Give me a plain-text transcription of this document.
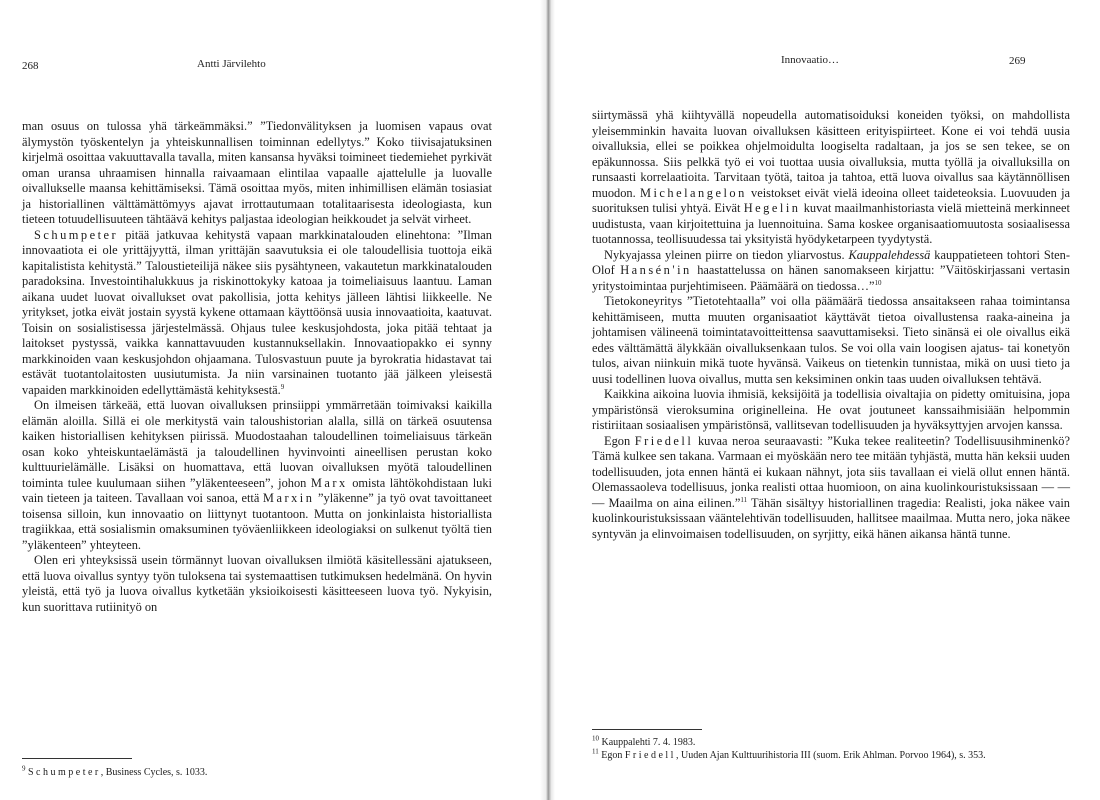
268	Antti Järvilehto

man osuus on tulossa yhä tärkeämmäksi.” ”Tiedonvälityksen ja luomisen vapaus ovat älymystön työskentelyn ja yhteiskunnallisen toiminnan edellytys.” Koko tiivisajatuksinen kirjelmä osoittaa vakuuttavalla tavalla, miten kansansa hyväksi toimineet tiedemiehet pyrkivät oman uransa uhraamisen hinnalla raivaamaan elintilaa vapaalle ajattelulle ja luovalle oivallukselle maansa kehittämiseksi. Tämä osoittaa myös, miten inhimillisen elämän tosiasiat ja historiallinen välttämättömyys ajavat irrottautumaan totalitaarisesta ideologiasta, kun tieteen totuudellisuuteen tähtäävä kehitys paljastaa ideologian heikkoudet ja selvät virheet.

Schumpeter pitää jatkuvaa kehitystä vapaan markkinatalouden elinehtona: ”Ilman innovaatiota ei ole yrittäjyyttä, ilman yrittäjän saavutuksia ei ole taloudellisia tuottoja eikä kapitalistista kehitystä.” Taloustieteilijä näkee siis pysähtyneen, vakautetun markkinatalouden paradoksina. Investointihalukkuus ja riskinottokyky katoaa ja toimeliaisuus laantuu. Laman aikana uudet luovat oivallukset ovat pakollisia, jotta kehitys jälleen lähtisi liikkeelle. Ne yritykset, jotka eivät jostain syystä kykene ottamaan käyttöönsä uusia innovaatioita, kaatuvat. Toisin on sosialistisessa järjestelmässä. Ohjaus tulee keskusjohdosta, joka pitää tehtaat ja laitokset pystyssä, vaikka kannattavuuden kustannuksellakin. Innovaatiopakko ei synny markkinoiden vaan keskusjohdon ohjaamana. Tulosvastuun puute ja byrokratia hidastavat tai estävät tuotantolaitosten uusiutumista. Ja niin varsinainen tuotanto jää jälkeen yleisestä vapaiden markkinoiden edellyttämästä kehityksestä.$^9$

On ilmeisen tärkeää, että luovan oivalluksen prinsiippi ymmärretään toimivaksi kaikilla elämän aloilla. Sillä ei ole merkitystä vain taloushistorian alalla, sillä on tärkeä osuutensa kaiken historiallisen kehityksen piirissä. Muodostaahan taloudellinen toimeliaisuus tärkeän osan koko yhteiskuntaelämästä ja taloudellinen hyvinvointi aineellisen perustan koko kulttuurielämälle. Lisäksi on huomattava, että luovan oivalluksen myötä taloudellinen toiminta tulee kuulumaan siihen ”yläkenteeseen”, johon Marx omista lähtökohdistaan luki vain tieteen ja taiteen. Tavallaan voi sanoa, että Marxin ”yläkenne” ja työ ovat tavoittaneet toisensa silloin, kun innovaatio on liittynyt tuotantoon. Mutta on jonkinlaista historiallista tragiikkaa, että sosialismin omaksuminen työväenliikkeen ideologiaksi on sulkenut työltä tien ”yläkenteen” yhteyteen.

Olen eri yhteyksissä usein törmännyt luovan oivalluksen ilmiötä käsitellessäni ajatukseen, että luova oivallus syntyy työn tuloksena tai systemaattisen tutkimuksen hedelmänä. On hyvin yleistä, että työ ja luova oivallus kytketään yksioikoisesti käsitteeseen luova työ. Nykyisin, kun suorittava rutiinityö on

$^9$ Schumpeter, Business Cycles, s. 1033.

Innovaatio…	269

siirtymässä yhä kiihtyvällä nopeudella automatisoiduksi koneiden työksi, on mahdollista yleisemminkin havaita luovan oivalluksen käsitteen erityispiirteet. Kone ei voi tehdä uusia oivalluksia, ellei se poikkea ohjelmoidulta loogiselta radaltaan, ja jos se sen tekee, se on epäkunnossa. Siis pelkkä työ ei voi tuottaa uusia oivalluksia, mutta työllä ja oivalluksilla on runsaasti korrelaatioita. Tarvitaan työtä, taitoa ja tahtoa, että luova oivallus saa käytännöllisen muodon. Michelangelon veistokset eivät vielä ideoina olleet taideteoksia. Luovuuden ja suorituksen tulisi yhtyä. Eivät Hegelin kuvat maailmanhistoriasta vielä mietteinä merkinneet uudistusta, vaan kirjoitettuina ja luennoituina. Sama koskee organisaatiomuutosta sosiaalisessa tuotannossa, teollisuudessa tai yksityistä hyödyketarpeen tyydytystä.

Nykyajassa yleinen piirre on tiedon yliarvostus. Kauppalehdessä kauppatieteen tohtori Sten-Olof Hansén'in haastattelussa on hänen sanomakseen kirjattu: ”Väitöskirjassani vertasin yritystoimintaa purjehtimiseen. Päämäärä on tiedossa…”$^{10}$

Tietokoneyritys ”Tietotehtaalla” voi olla päämäärä tiedossa ansaitakseen rahaa toimintansa kehittämiseen, mutta muuten organisaatiot käyttävät tietoa oivallustensa raaka-aineina ja johtamisen välineenä toimintatavoitteittensa saavuttamiseksi. Tieto sinänsä ei ole oivallus eikä edes välttämättä älykkään oivalluksenkaan tulos. Se voi olla vain loogisen ajatus- tai konetyön tulos, aivan niinkuin mikä tuote hyvänsä. Vaikeus on tietenkin tunnistaa, mikä on uusi tieto ja uusi todellinen luova oivallus, mutta sen keksiminen onkin taas uuden oivalluksen tehtävä.

Kaikkina aikoina luovia ihmisiä, keksijöitä ja todellisia oivaltajia on pidetty omituisina, jopa ympäristönsä vieroksumina originelleina. He ovat joutuneet kanssaihmisiään helpommin ristiriitaan sosiaalisen ympäristönsä, vallitsevan todellisuuden ja hyväksyttyjen arvojen kanssa.

Egon Friedell kuvaa neroa seuraavasti: ”Kuka tekee realiteetin? Todellisuusihminenkö? Tämä kulkee sen takana. Varmaan ei myöskään nero tee mitään tyhjästä, mutta hän keksii uuden todellisuuden, jota ennen häntä ei kukaan nähnyt, jota siis tavallaan ei vielä ollut ennen häntä. Olemassaoleva todellisuus, jonka realisti ottaa huomioon, on aina kuolinkouristuksissaan — — — Maailma on aina eilinen.”$^{11}$ Tähän sisältyy historiallinen tragedia: Realisti, joka näkee vain kuolinkouristuksissaan vääntelehtivän todellisuuden, hallitsee maailmaa. Mutta nero, joka näkee syntyvän ja elinvoimaisen todellisuuden, on syrjitty, eikä hänen aikansa häntä tunne.

$^{10}$ Kauppalehti 7. 4. 1983.

$^{11}$ Egon Friedell, Uuden Ajan Kulttuurihistoria III (suom. Erik Ahlman. Porvoo 1964), s. 353.
